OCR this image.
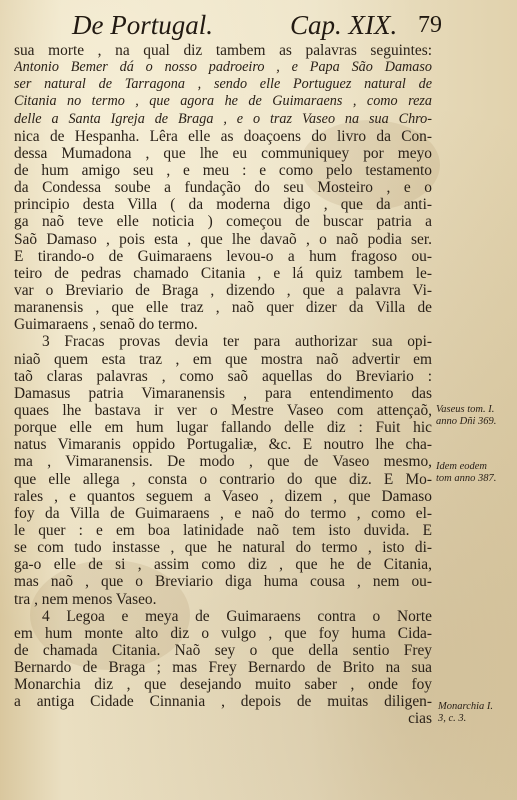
De Portugal.	Cap. XIX. 79
sua morte , na qual diz tambem as palavras seguintes:
Antonio Bemer dá o nosso padroeiro , e Papa São Damaso
ser natural de Tarragona , sendo elle Portuguez natural de
Citania no termo , que agora he de Guimaraens , como reza
delle a Santa Igreja de Braga , e o traz Vaseo na sua Chro-
nica de Hespanha. Lêra elle as doaçoens do livro da Con-
dessa Mumadona , que lhe eu communiquey por meyo
de hum amigo seu , e meu : e como pelo testamento
da Condessa soube a fundação do seu Mosteiro , e o
principio desta Villa ( da moderna digo , que da anti-
ga naõ teve elle noticia ) começou de buscar patria a
Saõ Damaso , pois esta , que lhe davaõ , o naõ podia ser.
E tirando-o de Guimaraens levou-o a hum fragoso ou-
teiro de pedras chamado Citania , e lá quiz tambem le-
var o Breviario de Braga , dizendo , que a palavra Vi-
maranensis , que elle traz , naõ quer dizer da Villa de
Guimaraens , senaõ do termo.
3 Fracas provas devia ter para authorizar sua opi-
niaõ quem esta traz , em que mostra naõ advertir em
taõ claras palavras , como saõ aquellas do Breviario :
Damasus patria Vimaranensis , para entendimento das
quaes lhe bastava ir ver o Mestre Vaseo com attençaõ,
porque elle em hum lugar fallando delle diz : Fuit hic
natus Vimaranis oppido Portugaliæ, &c. E noutro lhe cha-
ma , Vimaranensis. De modo , que de Vaseo mesmo,
que elle allega , consta o contrario do que diz. E Mo-
rales , e quantos seguem a Vaseo , dizem , que Damaso
foy da Villa de Guimaraens , e naõ do termo , como el-
le quer : e em boa latinidade naõ tem isto duvida. E
se com tudo instasse , que he natural do termo , isto di-
ga-o elle de si , assim como diz , que he de Citania,
mas naõ , que o Breviario diga huma cousa , nem ou-
tra , nem menos Vaseo.
4 Legoa e meya de Guimaraens contra o Norte
em hum monte alto diz o vulgo , que foy huma Cida-
de chamada Citania. Naõ sey o que della sentio Frey
Bernardo de Braga ; mas Frey Bernardo de Brito na sua
Monarchia diz , que desejando muito saber , onde foy
a antiga Cidade Cinnania , depois de muitas diligen-
cias
Vaseus tom. I.
anno Dñi 369.
Idem eodem
tom anno 387.
Monarchia I.
3, c. 3.
